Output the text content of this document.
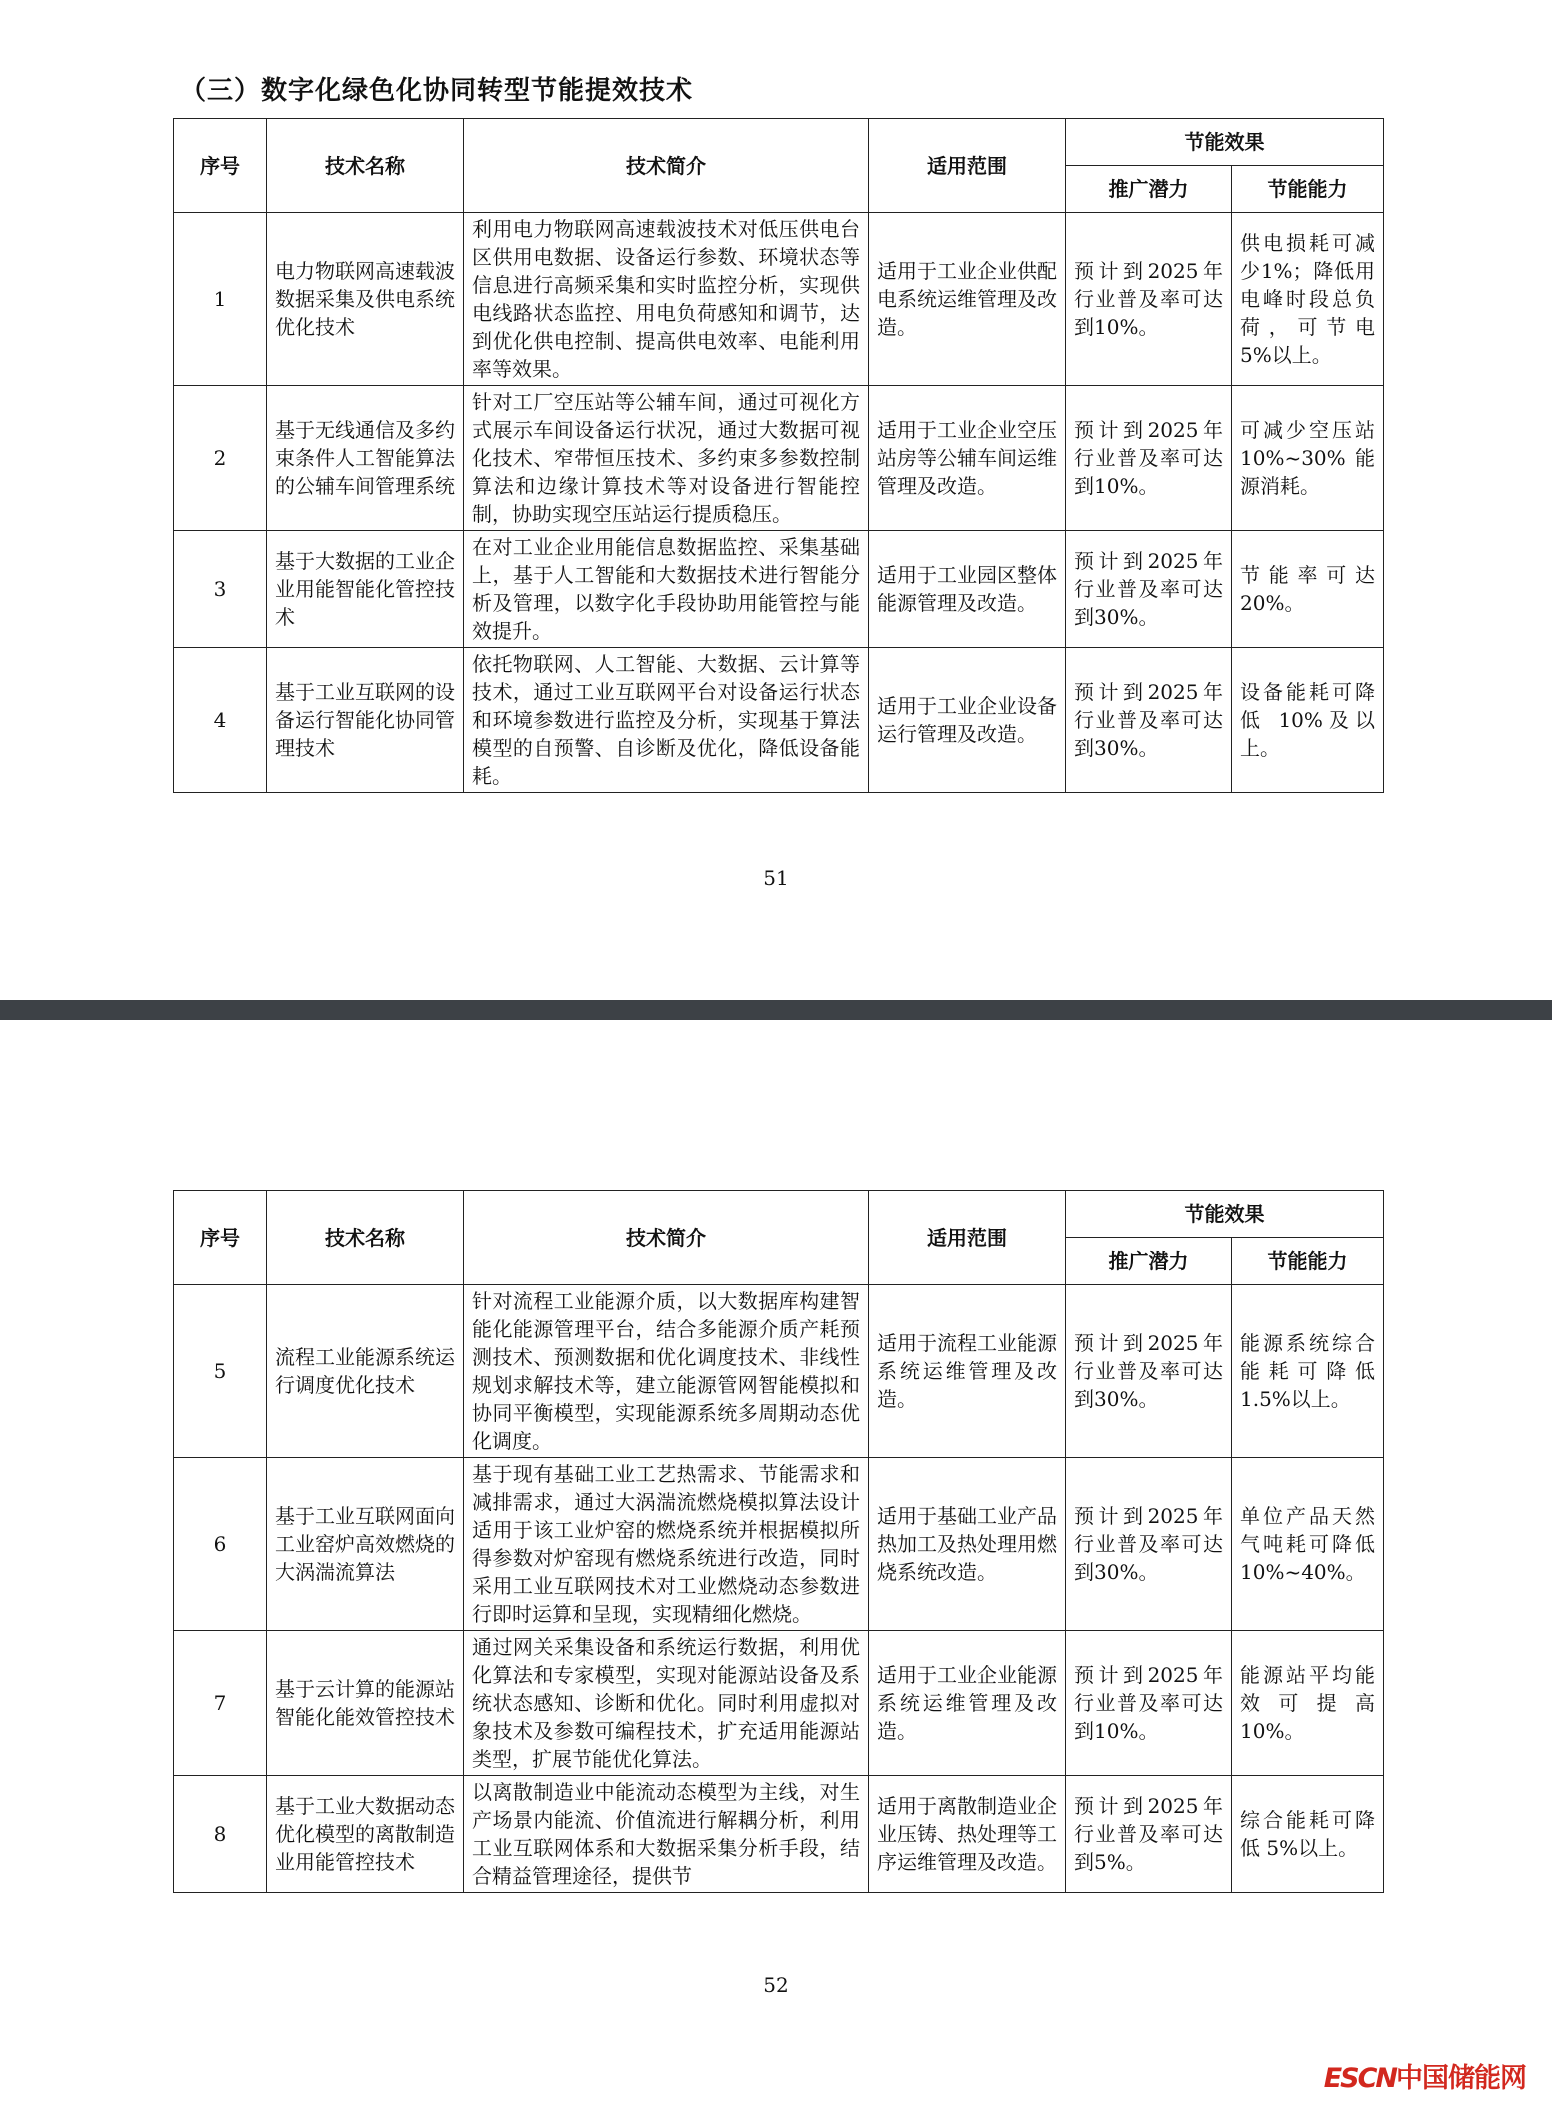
（三）数字化绿色化协同转型节能提效技术
序号	技术名称	技术简介	适用范围	节能效果	
				推广潜力	节能能力
1	电力物联网高速载波数据采集及供电系统优化技术	利用电力物联网高速载波技术对低压供电台区供用电数据、设备运行参数、环境状态等信息进行高频采集和实时监控分析，实现供电线路状态监控、用电负荷感知和调节，达到优化供电控制、提高供电效率、电能利用率等效果。	适用于工业企业供配电系统运维管理及改造。	预计到2025年行业普及率可达到10%。	供电损耗可减少1%；降低用电峰时段总负荷，可节电 5%以上。
2	基于无线通信及多约束条件人工智能算法的公辅车间管理系统	针对工厂空压站等公辅车间，通过可视化方式展示车间设备运行状况，通过大数据可视化技术、窄带恒压技术、多约束多参数控制算法和边缘计算技术等对设备进行智能控制，协助实现空压站运行提质稳压。	适用于工业企业空压站房等公辅车间运维管理及改造。	预计到2025年行业普及率可达到10%。	可减少空压站 10%~30%能源消耗。
3	基于大数据的工业企业用能智能化管控技术	在对工业企业用能信息数据监控、采集基础上，基于人工智能和大数据技术进行智能分析及管理，以数字化手段协助用能管控与能效提升。	适用于工业园区整体能源管理及改造。	预计到2025年行业普及率可达到30%。	节能率可达20%。
4	基于工业互联网的设备运行智能化协同管理技术	依托物联网、人工智能、大数据、云计算等技术，通过工业互联网平台对设备运行状态和环境参数进行监控及分析，实现基于算法模型的自预警、自诊断及优化，降低设备能耗。	适用于工业企业设备运行管理及改造。	预计到2025年行业普及率可达到30%。	设备能耗可降低 10%及以上。
51
序号	技术名称	技术简介	适用范围	节能效果	
				推广潜力	节能能力
5	流程工业能源系统运行调度优化技术	针对流程工业能源介质，以大数据库构建智能化能源管理平台，结合多能源介质产耗预测技术、预测数据和优化调度技术、非线性规划求解技术等，建立能源管网智能模拟和协同平衡模型，实现能源系统多周期动态优化调度。	适用于流程工业能源系统运维管理及改造。	预计到2025年行业普及率可达到30%。	能源系统综合能耗可降低 1.5%以上。
6	基于工业互联网面向工业窑炉高效燃烧的大涡湍流算法	基于现有基础工业工艺热需求、节能需求和减排需求，通过大涡湍流燃烧模拟算法设计适用于该工业炉窑的燃烧系统并根据模拟所得参数对炉窑现有燃烧系统进行改造，同时采用工业互联网技术对工业燃烧动态参数进行即时运算和呈现，实现精细化燃烧。	适用于基础工业产品热加工及热处理用燃烧系统改造。	预计到2025年行业普及率可达到30%。	单位产品天然气吨耗可降低10%~40%。
7	基于云计算的能源站智能化能效管控技术	通过网关采集设备和系统运行数据，利用优化算法和专家模型，实现对能源站设备及系统状态感知、诊断和优化。同时利用虚拟对象技术及参数可编程技术，扩充适用能源站类型，扩展节能优化算法。	适用于工业企业能源系统运维管理及改造。	预计到2025年行业普及率可达到10%。	能源站平均能效可提高10%。
8	基于工业大数据动态优化模型的离散制造业用能管控技术	以离散制造业中能流动态模型为主线，对生产场景内能流、价值流进行解耦分析，利用工业互联网体系和大数据采集分析手段，结合精益管理途径，提供节	适用于离散制造业企业压铸、热处理等工序运维管理及改造。	预计到2025年行业普及率可达到5%。	综合能耗可降低 5%以上。
52
ESCN中国储能网
